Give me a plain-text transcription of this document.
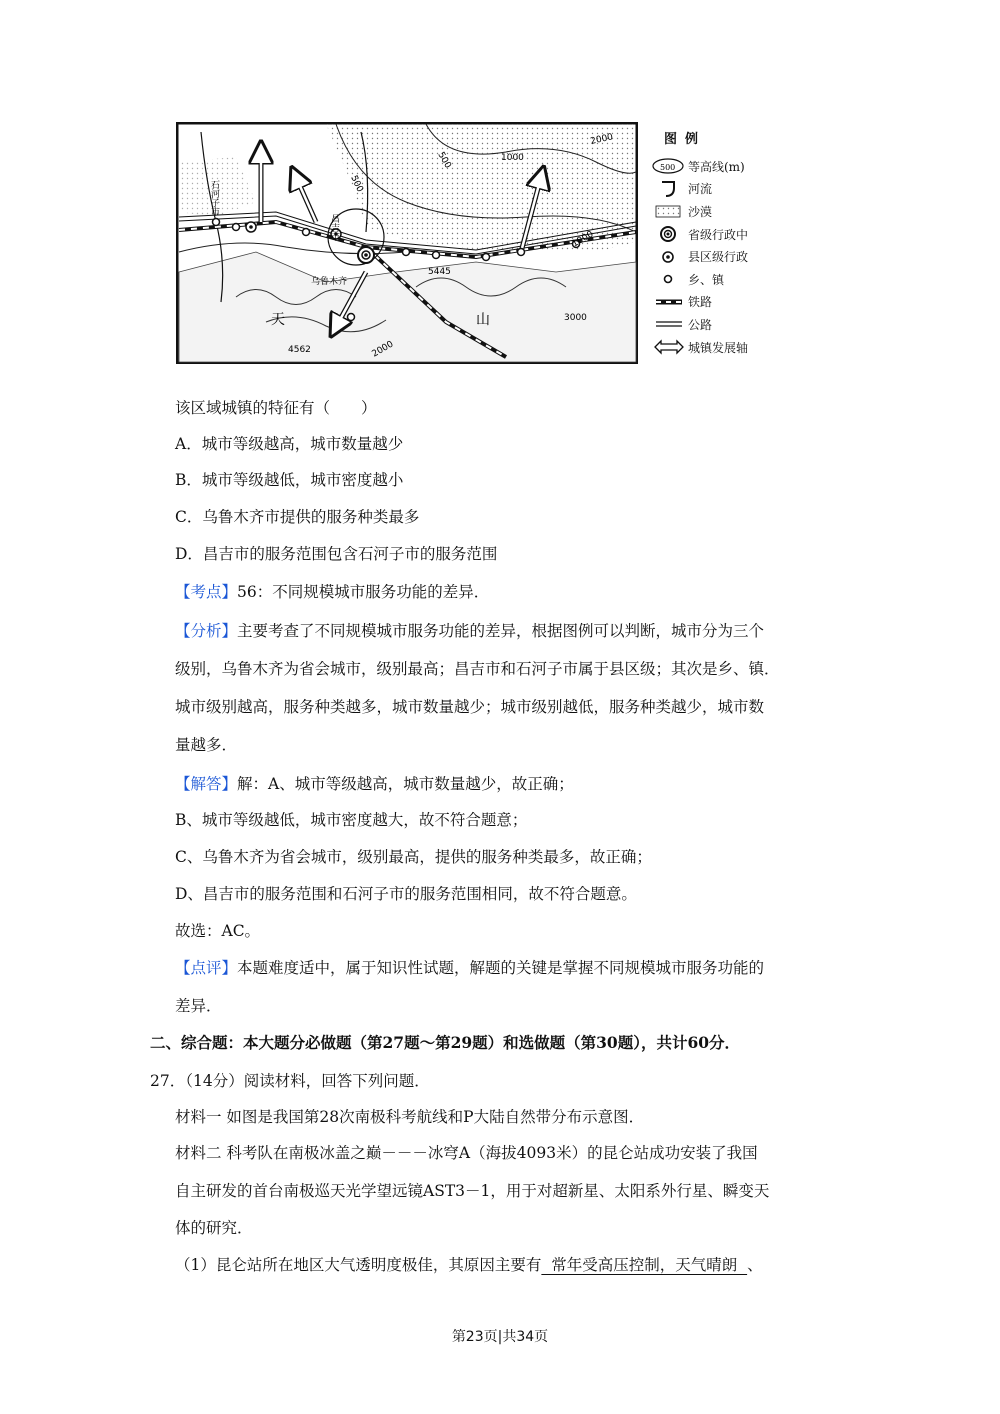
石河子市
昌吉市
乌鲁木齐
天	山
500
500	1000
1000
2000
2000
3000
5445
4562
图例
500 等高线(m)
河流
沙漠
省级行政中
县区级行政
乡、镇
铁路
公路
城镇发展轴
该区域城镇的特征有（　　）
A．城市等级越高，城市数量越少
B．城市等级越低，城市密度越小
C．乌鲁木齐市提供的服务种类最多
D．昌吉市的服务范围包含石河子市的服务范围
【考点】56：不同规模城市服务功能的差异．
【分析】主要考查了不同规模城市服务功能的差异，根据图例可以判断，城市分为三个
级别，乌鲁木齐为省会城市，级别最高；昌吉市和石河子市属于县区级；其次是乡、镇．
城市级别越高，服务种类越多，城市数量越少；城市级别越低，服务种类越少，城市数
量越多．
【解答】解：A、城市等级越高，城市数量越少，故正确；
B、城市等级越低，城市密度越大，故不符合题意；
C、乌鲁木齐为省会城市，级别最高，提供的服务种类最多，故正确；
D、昌吉市的服务范围和石河子市的服务范围相同，故不符合题意。
故选：AC。
【点评】本题难度适中，属于知识性试题，解题的关键是掌握不同规模城市服务功能的
差异．
二、综合题：本大题分必做题（第27题～第29题）和选做题（第30题），共计60分．
27．（14分）阅读材料，回答下列问题．
材料一 如图是我国第28次南极科考航线和P大陆自然带分布示意图．
材料二 科考队在南极冰盖之巅－－－冰穹A（海拔4093米）的昆仑站成功安装了我国
自主研发的首台南极巡天光学望远镜AST3－1，用于对超新星、太阳系外行星、瞬变天
体的研究．
（1）昆仑站所在地区大气透明度极佳，其原因主要有  常年受高压控制，天气晴朗  、
第23页|共34页
